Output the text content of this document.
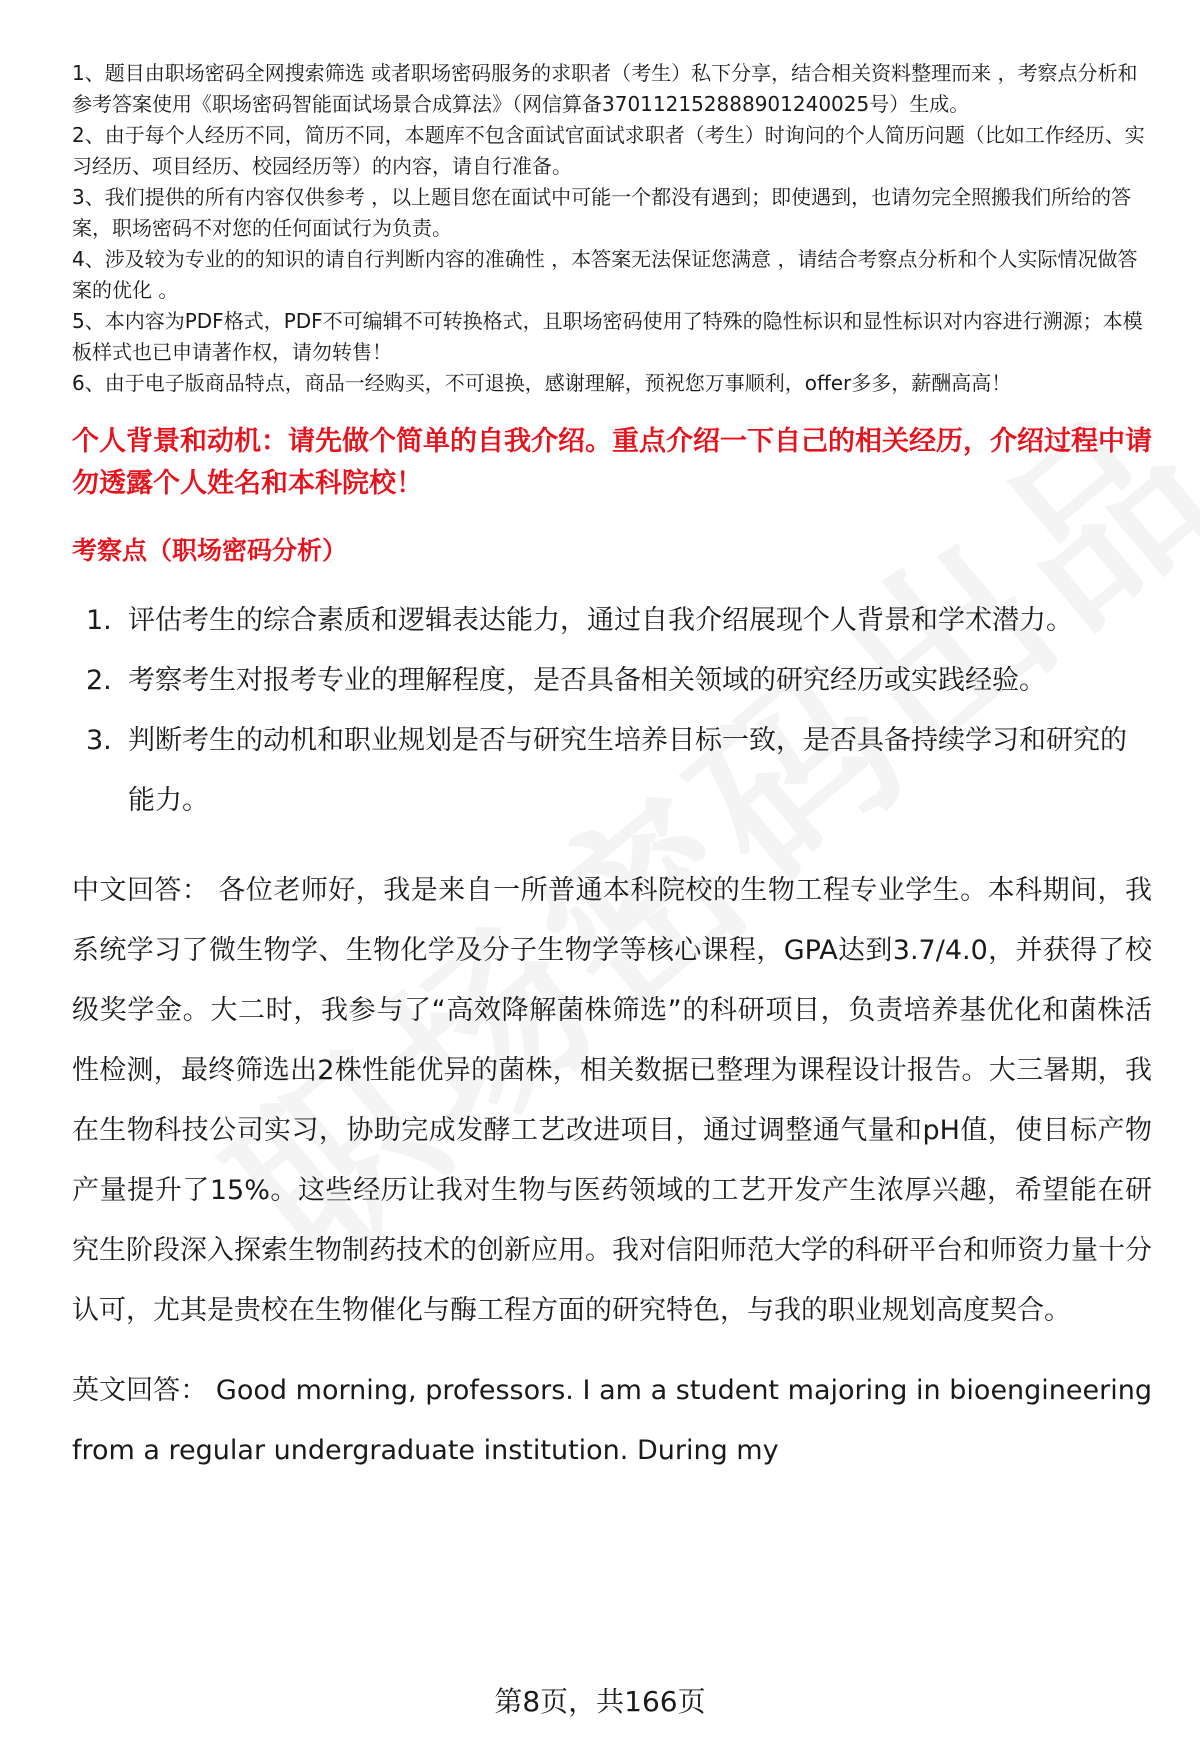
1、题目由职场密码全网搜索筛选 或者职场密码服务的求职者（考生）私下分享，结合相关资料整理而来 ，考察点分析和参考答案使用《职场密码智能面试场景合成算法》（网信算备370112152888901240025号）生成。

2、由于每个人经历不同，简历不同，本题库不包含面试官面试求职者（考生）时询问的个人简历问题（比如工作经历、实习经历、项目经历、校园经历等）的内容，请自行准备。

3、我们提供的所有内容仅供参考 ，以上题目您在面试中可能一个都没有遇到；即使遇到，也请勿完全照搬我们所给的答案，职场密码不对您的任何面试行为负责。

4、涉及较为专业的的知识的请自行判断内容的准确性 ，本答案无法保证您满意 ，请结合考察点分析和个人实际情况做答案的优化 。

5、本内容为PDF格式，PDF不可编辑不可转换格式，且职场密码使用了特殊的隐性标识和显性标识对内容进行溯源；本模板样式也已申请著作权，请勿转售！

6、由于电子版商品特点，商品一经购买，不可退换，感谢理解，预祝您万事顺利，offer多多，薪酬高高！

个人背景和动机：请先做个简单的自我介绍。重点介绍一下自己的相关经历，介绍过程中请勿透露个人姓名和本科院校！
考察点（职场密码分析）
1. 评估考生的综合素质和逻辑表达能力，通过自我介绍展现个人背景和学术潜力。
2. 考察考生对报考专业的理解程度，是否具备相关领域的研究经历或实践经验。
3. 判断考生的动机和职业规划是否与研究生培养目标一致，是否具备持续学习和研究的能力。

中文回答： 各位老师好，我是来自一所普通本科院校的生物工程专业学生。本科期间，我系统学习了微生物学、生物化学及分子生物学等核心课程，GPA达到3.7/4.0，并获得了校级奖学金。大二时，我参与了“高效降解菌株筛选”的科研项目，负责培养基优化和菌株活性检测，最终筛选出2株性能优异的菌株，相关数据已整理为课程设计报告。大三暑期，我在生物科技公司实习，协助完成发酵工艺改进项目，通过调整通气量和pH值，使目标产物产量提升了15%。这些经历让我对生物与医药领域的工艺开发产生浓厚兴趣，希望能在研究生阶段深入探索生物制药技术的创新应用。我对信阳师范大学的科研平台和师资力量十分认可，尤其是贵校在生物催化与酶工程方面的研究特色，与我的职业规划高度契合。

英文回答： Good morning, professors. I am a student majoring in bioengineering from a regular undergraduate institution. During my

第8页，共166页
